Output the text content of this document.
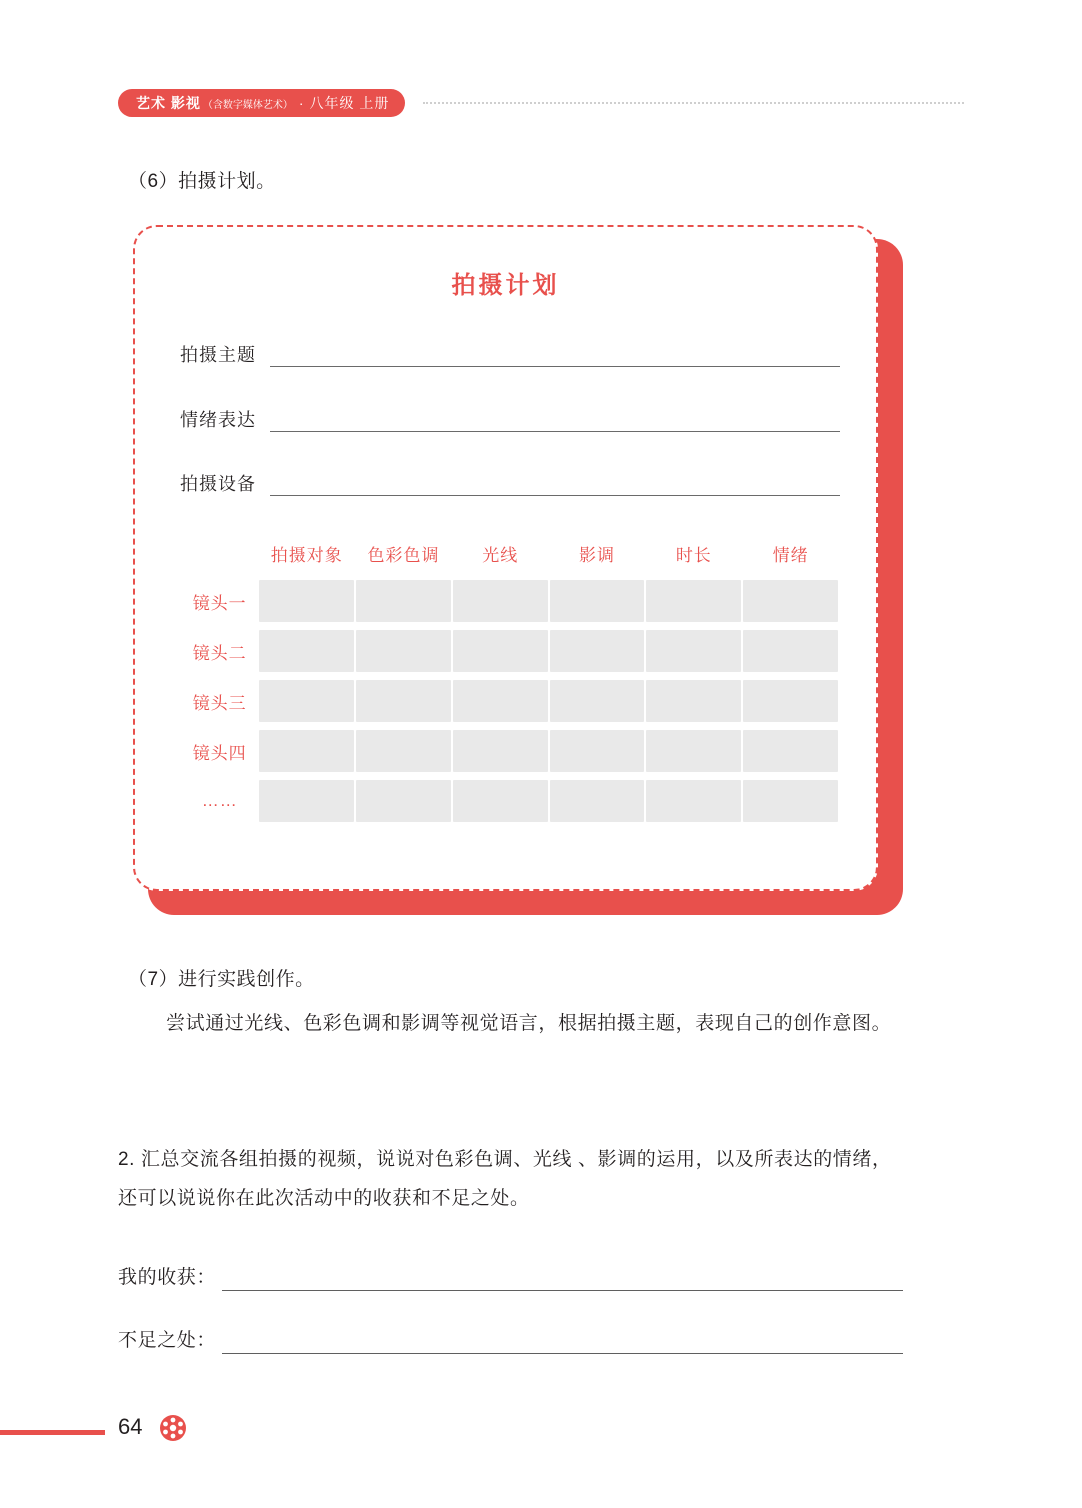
艺术 影视 （含数字媒体艺术） · 八年级 上册
（6）拍摄计划。
拍摄计划
拍摄主题
情绪表达
拍摄设备
	拍摄对象	色彩色调	光线	影调	时长	情绪
镜头一						
镜头二						
镜头三						
镜头四						
……						
（7）进行实践创作。
尝试通过光线、色彩色调和影调等视觉语言，根据拍摄主题，表现自己的创作意图。
2. 汇总交流各组拍摄的视频，说说对色彩色调、光线 、影调的运用，以及所表达的情绪，还可以说说你在此次活动中的收获和不足之处。
我的收获：
不足之处：
64
